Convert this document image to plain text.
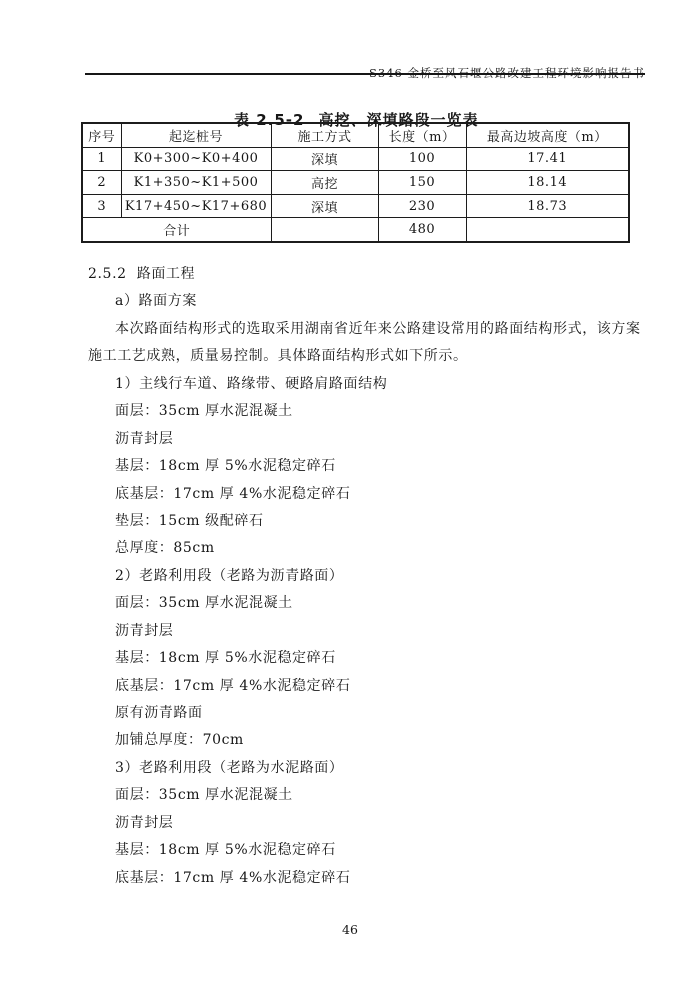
表 2.5-2 高挖、深填路段一览表

序号	起迄桩号	施工方式	长度（m）	最高边坡高度（m）
1	K0+300~K0+400	深填	100	17.41
2	K1+350~K1+500	高挖	150	18.14
3	K17+450~K17+680	深填	230	18.73
合计			480	
2.5.2  路面工程
a）路面方案
本次路面结构形式的选取采用湖南省近年来公路建设常用的路面结构形式，该方案
施工工艺成熟，质量易控制。具体路面结构形式如下所示。
1）主线行车道、路缘带、硬路肩路面结构
面层：35cm 厚水泥混凝土
沥青封层
基层：18cm 厚 5%水泥稳定碎石
底基层：17cm 厚 4%水泥稳定碎石
垫层：15cm 级配碎石
总厚度：85cm
2）老路利用段（老路为沥青路面）
面层：35cm 厚水泥混凝土
沥青封层
基层：18cm 厚 5%水泥稳定碎石
底基层：17cm 厚 4%水泥稳定碎石
原有沥青路面
加铺总厚度：70cm
3）老路利用段（老路为水泥路面）
面层：35cm 厚水泥混凝土
沥青封层
基层：18cm 厚 5%水泥稳定碎石
底基层：17cm 厚 4%水泥稳定碎石
46
